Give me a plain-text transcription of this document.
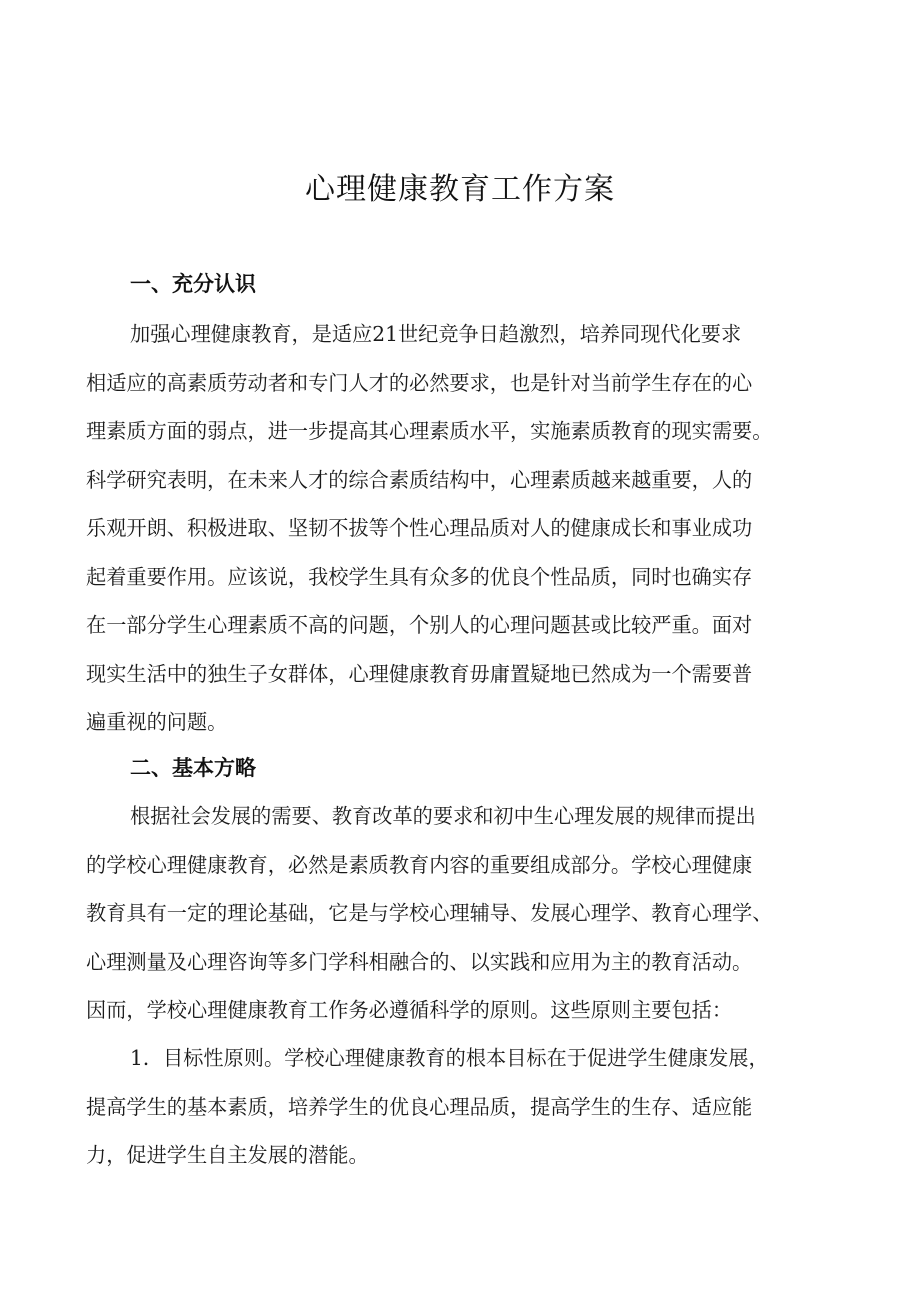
心理健康教育工作方案
一、充分认识
加强心理健康教育，是适应21世纪竞争日趋激烈，培养同现代化要求
相适应的高素质劳动者和专门人才的必然要求，也是针对当前学生存在的心
理素质方面的弱点，进一步提高其心理素质水平，实施素质教育的现实需要。
科学研究表明，在未来人才的综合素质结构中，心理素质越来越重要，人的
乐观开朗、积极进取、坚韧不拔等个性心理品质对人的健康成长和事业成功
起着重要作用。应该说，我校学生具有众多的优良个性品质，同时也确实存
在一部分学生心理素质不高的问题，个别人的心理问题甚或比较严重。面对
现实生活中的独生子女群体，心理健康教育毋庸置疑地已然成为一个需要普
遍重视的问题。
二、基本方略
根据社会发展的需要、教育改革的要求和初中生心理发展的规律而提出
的学校心理健康教育，必然是素质教育内容的重要组成部分。学校心理健康
教育具有一定的理论基础，它是与学校心理辅导、发展心理学、教育心理学、
心理测量及心理咨询等多门学科相融合的、以实践和应用为主的教育活动。
因而，学校心理健康教育工作务必遵循科学的原则。这些原则主要包括：
1．目标性原则。学校心理健康教育的根本目标在于促进学生健康发展，
提高学生的基本素质，培养学生的优良心理品质，提高学生的生存、适应能
力，促进学生自主发展的潜能。
